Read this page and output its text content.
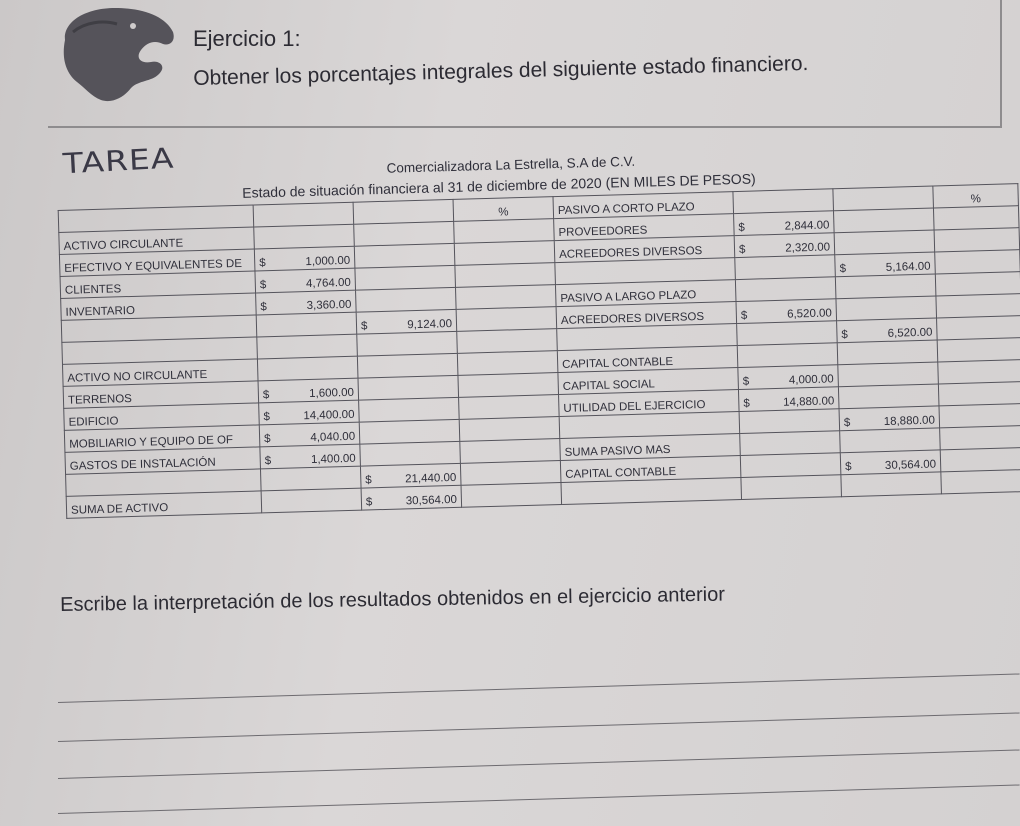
Ejercicio 1:
Obtener los porcentajes integrales del siguiente estado financiero.
TAREA	Comercializadora La Estrella, S.A de C.V.
Estado de situación financiera al 31 de diciembre de 2020 (EN MILES DE PESOS)
			%	PASIVO A CORTO PLAZO			%
ACTIVO CIRCULANTE				PROVEEDORES	$ 2,844.00		

EFECTIVO Y EQUIVALENTES DE	$ 1,000.00			ACREEDORES DIVERSOS	$ 2,320.00		

CLIENTES	$ 4,764.00					$ 5,164.00	

INVENTARIO	$ 3,360.00			PASIVO A LARGO PLAZO			

		$ 9,124.00		ACREEDORES DIVERSOS	$ 6,520.00		

						$ 6,520.00	

ACTIVO NO CIRCULANTE				CAPITAL CONTABLE			
TERRENOS	$ 1,600.00			CAPITAL SOCIAL	$ 4,000.00		

EDIFICIO	$ 14,400.00			UTILIDAD DEL EJERCICIO	$ 14,880.00		

MOBILIARIO Y EQUIPO DE OF	$ 4,040.00					$ 18,880.00	

GASTOS DE INSTALACIÓN	$ 1,400.00			SUMA PASIVO MAS			

		$ 21,440.00		CAPITAL CONTABLE		$ 30,564.00	

SUMA DE ACTIVO		$ 30,564.00					

Escribe la interpretación de los resultados obtenidos en el ejercicio anterior
